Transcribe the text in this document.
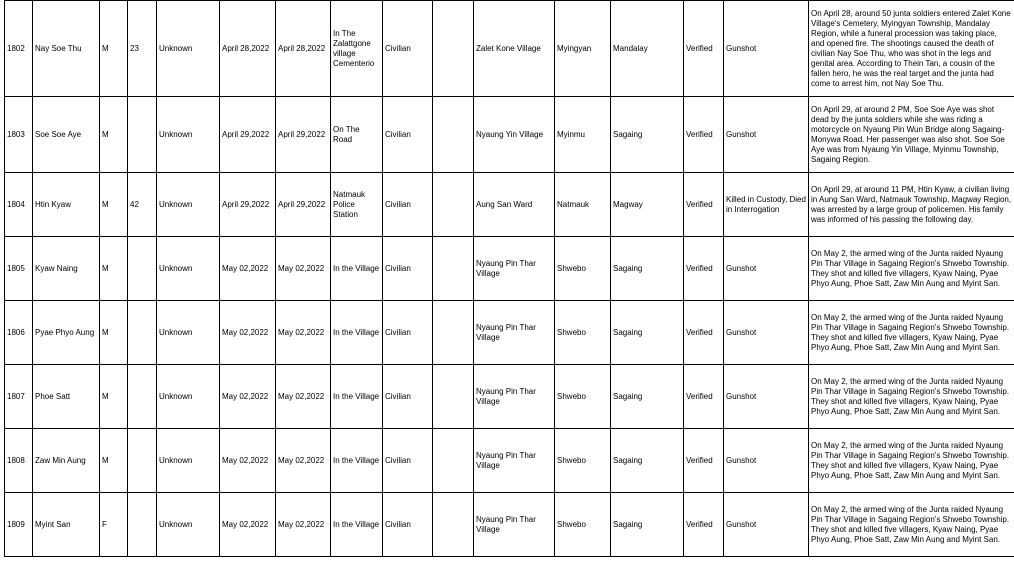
1802	Nay Soe Thu	M	23	Unknown	April 28,2022	April 28,2022	In The Zalattgone village Cementerio	Civilian		Zalet Kone Village	Myingyan	Mandalay	Verified	Gunshot	On April 28, around 50 junta soldiers entered Zalet Kone Village's Cemetery, Myingyan Township, Mandalay Region, while a funeral procession was taking place, and opened fire. The shootings caused the death of civilian Nay Soe Thu, who was shot in the legs and genital area. According to Thein Tan, a cousin of the fallen hero, he was the real target and the junta had come to arrest him, not Nay Soe Thu.
1803	Soe Soe Aye	M		Unknown	April 29,2022	April 29,2022	On The Road	Civilian		Nyaung Yin Village	Myinmu	Sagaing	Verified	Gunshot	On April 29, at around 2 PM, Soe Soe Aye was shot dead by the junta soldiers while she was riding a motorcycle on Nyaung Pin Wun Bridge along Sagaing-Monywa Road. Her passenger was also shot. Soe Soe Aye was from Nyaung Yin Village, Myinmu Township, Sagaing Region.
1804	Htin Kyaw	M	42	Unknown	April 29,2022	April 29,2022	Natmauk Police Station	Civilian		Aung San Ward	Natmauk	Magway	Verified	Killed in Custody, Died in Interrogation	On April 29, at around 11 PM, Htin Kyaw, a civilian living in Aung San Ward, Natmauk Township, Magway Region, was arrested by a large group of policemen. His family was informed of his passing the following day.
1805	Kyaw Naing	M		Unknown	May 02,2022	May 02,2022	In the Village	Civilian		Nyaung Pin Thar Village	Shwebo	Sagaing	Verified	Gunshot	On May 2, the armed wing of the Junta raided Nyaung Pin Thar Village in Sagaing Region's Shwebo Township. They shot and killed five villagers, Kyaw Naing, Pyae Phyo Aung, Phoe Satt, Zaw Min Aung and Myint San.
1806	Pyae Phyo Aung	M		Unknown	May 02,2022	May 02,2022	In the Village	Civilian		Nyaung Pin Thar Village	Shwebo	Sagaing	Verified	Gunshot	On May 2, the armed wing of the Junta raided Nyaung Pin Thar Village in Sagaing Region's Shwebo Township. They shot and killed five villagers, Kyaw Naing, Pyae Phyo Aung, Phoe Satt, Zaw Min Aung and Myint San.
1807	Phoe Satt	M		Unknown	May 02,2022	May 02,2022	In the Village	Civilian		Nyaung Pin Thar Village	Shwebo	Sagaing	Verified	Gunshot	On May 2, the armed wing of the Junta raided Nyaung Pin Thar Village in Sagaing Region's Shwebo Township. They shot and killed five villagers, Kyaw Naing, Pyae Phyo Aung, Phoe Satt, Zaw Min Aung and Myint San.
1808	Zaw Min Aung	M		Unknown	May 02,2022	May 02,2022	In the Village	Civilian		Nyaung Pin Thar Village	Shwebo	Sagaing	Verified	Gunshot	On May 2, the armed wing of the Junta raided Nyaung Pin Thar Village in Sagaing Region's Shwebo Township. They shot and killed five villagers, Kyaw Naing, Pyae Phyo Aung, Phoe Satt, Zaw Min Aung and Myint San.
1809	Myint San	F		Unknown	May 02,2022	May 02,2022	In the Village	Civilian		Nyaung Pin Thar Village	Shwebo	Sagaing	Verified	Gunshot	On May 2, the armed wing of the Junta raided Nyaung Pin Thar Village in Sagaing Region's Shwebo Township. They shot and killed five villagers, Kyaw Naing, Pyae Phyo Aung, Phoe Satt, Zaw Min Aung and Myint San.
